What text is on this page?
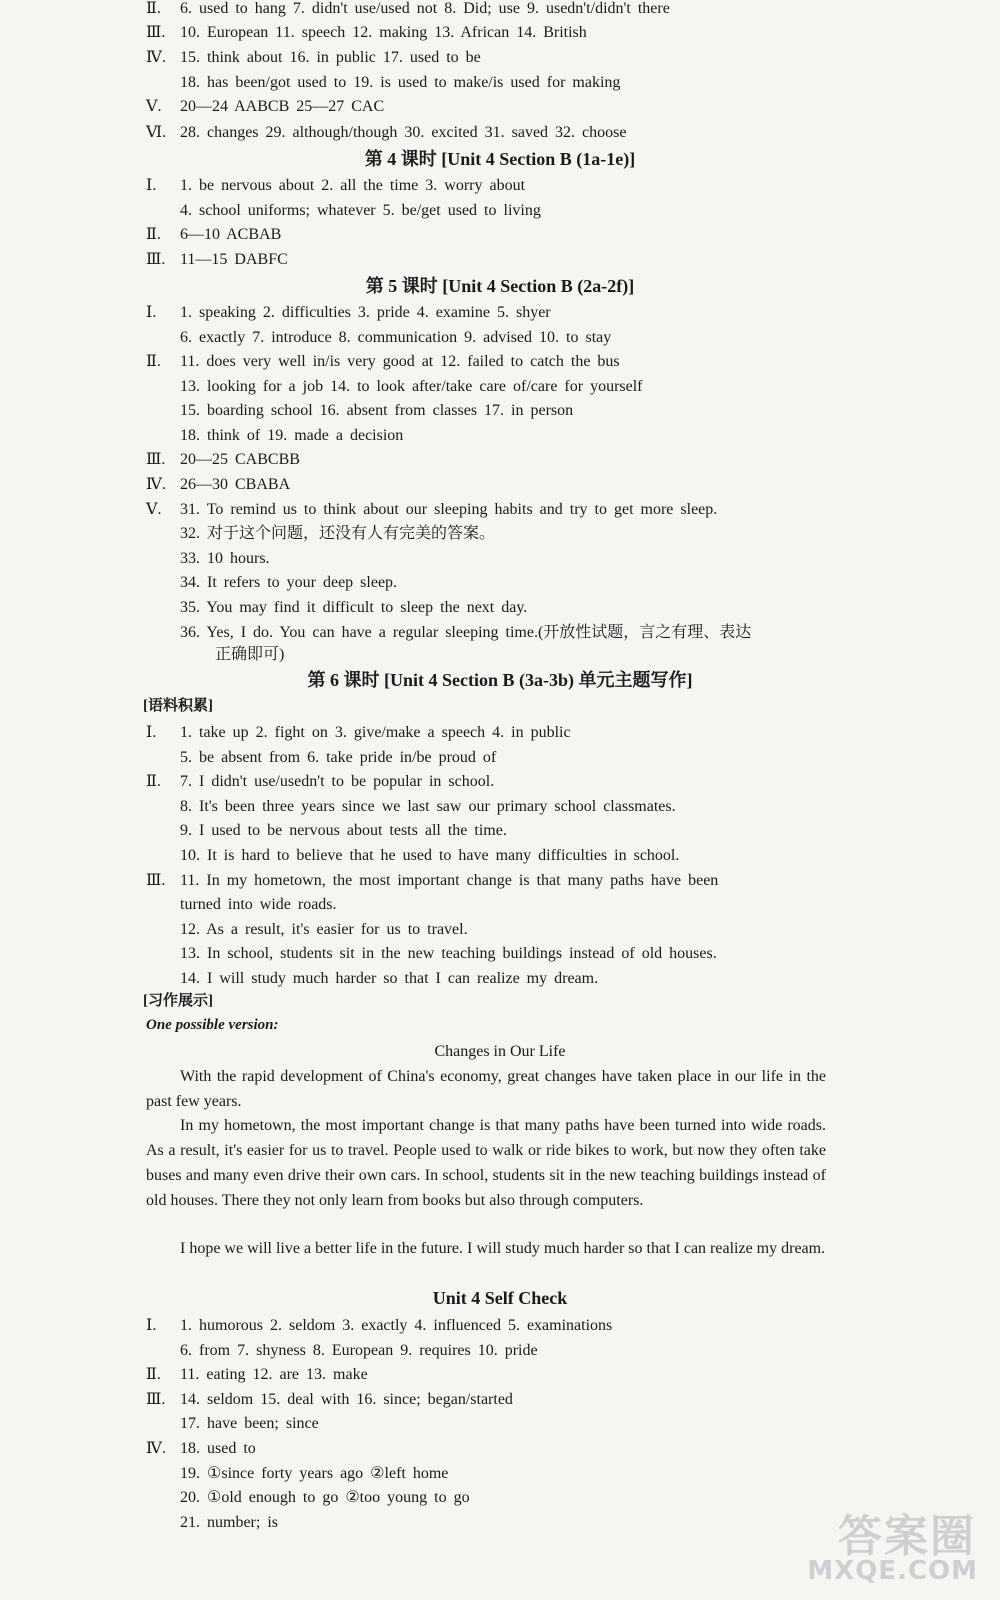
Ⅱ.	6. used to hang 7. didn't use/used not 8. Did; use 9. usedn't/didn't there
Ⅲ. 10. European 11. speech 12. making 13. African 14. British
Ⅳ. 15. think about 16. in public 17. used to be
18. has been/got used to 19. is used to make/is used for making
Ⅴ.	20—24 AABCB 25—27 CAC
Ⅵ. 28. changes 29. although/though 30. excited 31. saved 32. choose
第 4 课时 [Unit 4 Section B (1a-1e)]
Ⅰ.	1. be nervous about 2. all the time 3. worry about
4. school uniforms; whatever 5. be/get used to living
Ⅱ.	6—10 ACBAB
Ⅲ. 11—15 DABFC
第 5 课时 [Unit 4 Section B (2a-2f)]
Ⅰ.	1. speaking 2. difficulties 3. pride 4. examine 5. shyer
6. exactly 7. introduce 8. communication 9. advised 10. to stay
Ⅱ.	11. does very well in/is very good at 12. failed to catch the bus
13. looking for a job 14. to look after/take care of/care for yourself
15. boarding school 16. absent from classes 17. in person
18. think of 19. made a decision
Ⅲ. 20—25 CABCBB
Ⅳ. 26—30 CBABA
Ⅴ.	31. To remind us to think about our sleeping habits and try to get more sleep.
32. 对于这个问题，还没有人有完美的答案。
33. 10 hours.
34. It refers to your deep sleep.
35. You may find it difficult to sleep the next day.
36. Yes, I do. You can have a regular sleeping time.(开放性试题，言之有理、表达
正确即可)
第 6 课时 [Unit 4 Section B (3a-3b) 单元主题写作]
[语料积累]
Ⅰ.	1. take up 2. fight on 3. give/make a speech 4. in public
5. be absent from 6. take pride in/be proud of
Ⅱ.	7. I didn't use/usedn't to be popular in school.
8. It's been three years since we last saw our primary school classmates.
9. I used to be nervous about tests all the time.
10. It is hard to believe that he used to have many difficulties in school.
Ⅲ. 11. In my hometown, the most important change is that many paths have been
turned into wide roads.
12. As a result, it's easier for us to travel.
13. In school, students sit in the new teaching buildings instead of old houses.
14. I will study much harder so that I can realize my dream.
[习作展示]
One possible version:
Changes in Our Life
With the rapid development of China's economy, great changes have taken place in our life in the past few years.
In my hometown, the most important change is that many paths have been turned into wide roads. As a result, it's easier for us to travel. People used to walk or ride bikes to work, but now they often take buses and many even drive their own cars. In school, students sit in the new teaching buildings instead of old houses. There they not only learn from books but also through computers.
I hope we will live a better life in the future. I will study much harder so that I can realize my dream.
Unit 4 Self Check
Ⅰ.	1. humorous 2. seldom 3. exactly 4. influenced 5. examinations
6. from 7. shyness 8. European 9. requires 10. pride
Ⅱ.	11. eating 12. are 13. make
Ⅲ. 14. seldom 15. deal with 16. since; began/started
17. have been; since
Ⅳ. 18. used to
19. ①since forty years ago ②left home
20. ①old enough to go ②too young to go
21. number; is	答案圈
MXQE.COM
